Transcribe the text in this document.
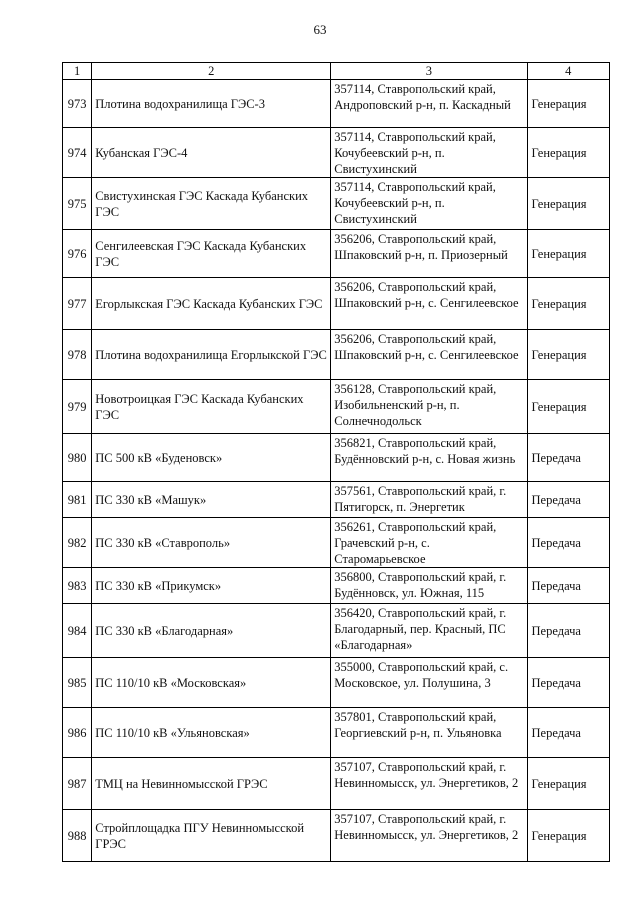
63
1	2	3	4
973	Плотина водохранилища ГЭС-3	357114, Ставропольский край, Андроповский р-н, п. Каскадный	Генерация
974	Кубанская ГЭС-4	357114, Ставропольский край, Кочубеевский р-н, п. Свистухинский	Генерация
975	Свистухинская ГЭС Каскада Кубанских ГЭС	357114, Ставропольский край, Кочубеевский р-н, п. Свистухинский	Генерация
976	Сенгилеевская ГЭС Каскада Кубанских ГЭС	356206, Ставропольский край, Шпаковский р-н, п. Приозерный	Генерация
977	Егорлыкская ГЭС Каскада Кубанских ГЭС	356206, Ставропольский край, Шпаковский р-н, с. Сенгилеевское	Генерация
978	Плотина водохранилища Егорлыкской ГЭС	356206, Ставропольский край, Шпаковский р-н, с. Сенгилеевское	Генерация
979	Новотроицкая ГЭС Каскада Кубанских ГЭС	356128, Ставропольский край, Изобильненский р-н, п. Солнечнодольск	Генерация
980	ПС 500 кВ «Буденовск»	356821, Ставропольский край, Будённовский р-н, с. Новая жизнь	Передача
981	ПС 330 кВ «Машук»	357561, Ставропольский край, г. Пятигорск, п. Энергетик	Передача
982	ПС 330 кВ «Ставрополь»	356261, Ставропольский край, Грачевский р-н, с. Старомарьевское	Передача
983	ПС 330 кВ «Прикумск»	356800, Ставропольский край, г. Будённовск, ул. Южная, 115	Передача
984	ПС 330 кВ «Благодарная»	356420, Ставропольский край, г. Благодарный, пер. Красный, ПС «Благодарная»	Передача
985	ПС 110/10 кВ «Московская»	355000, Ставропольский край, с. Московское, ул. Полушина, 3	Передача
986	ПС 110/10 кВ «Ульяновская»	357801, Ставропольский край, Георгиевский р-н, п. Ульяновка	Передача
987	ТМЦ на Невинномысской ГРЭС	357107, Ставропольский край, г. Невинномысск, ул. Энергетиков, 2	Генерация
988	Стройплощадка ПГУ Невинномысской ГРЭС	357107, Ставропольский край, г. Невинномысск, ул. Энергетиков, 2	Генерация
